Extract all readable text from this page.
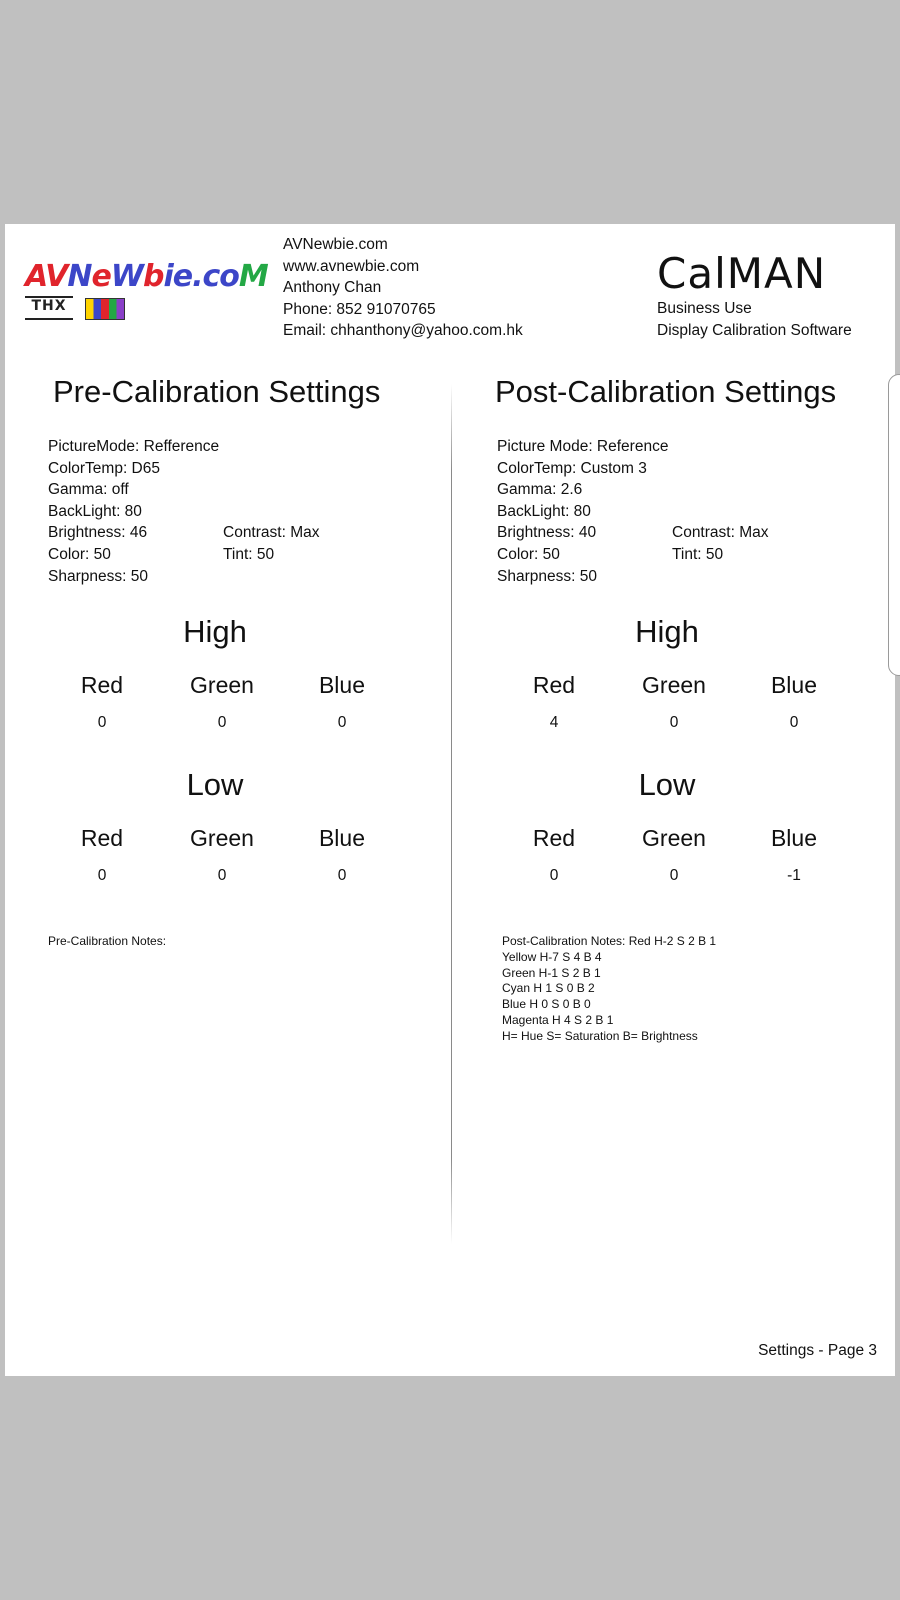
AVNeWbie.coM
THX
AVNewbie.com
www.avnewbie.com
Anthony Chan
Phone: 852 91070765
Email: chhanthony@yahoo.com.hk
CalMAN
Business Use
Display Calibration Software
Pre-Calibration Settings
PictureMode: Refference
ColorTemp: D65
Gamma: off
BackLight: 80
Brightness: 46	Contrast: Max
Color: 50	Tint: 50
Sharpness: 50
High
Red	Green	Blue
0	0	0
Low
Red	Green	Blue
0	0	0
Pre-Calibration Notes:
Post-Calibration Settings
Picture Mode: Reference
ColorTemp: Custom 3
Gamma: 2.6
BackLight: 80
Brightness: 40	Contrast: Max
Color: 50	Tint: 50
Sharpness: 50
High
Red	Green	Blue
4	0	0
Low
Red	Green	Blue
0	0	-1
Post-Calibration Notes: Red H-2 S 2 B 1
Yellow H-7 S 4 B 4
Green H-1 S 2 B 1
Cyan H 1 S 0 B 2
Blue H 0 S 0 B 0
Magenta H 4 S 2 B 1
H= Hue S= Saturation B= Brightness
Settings - Page 3
